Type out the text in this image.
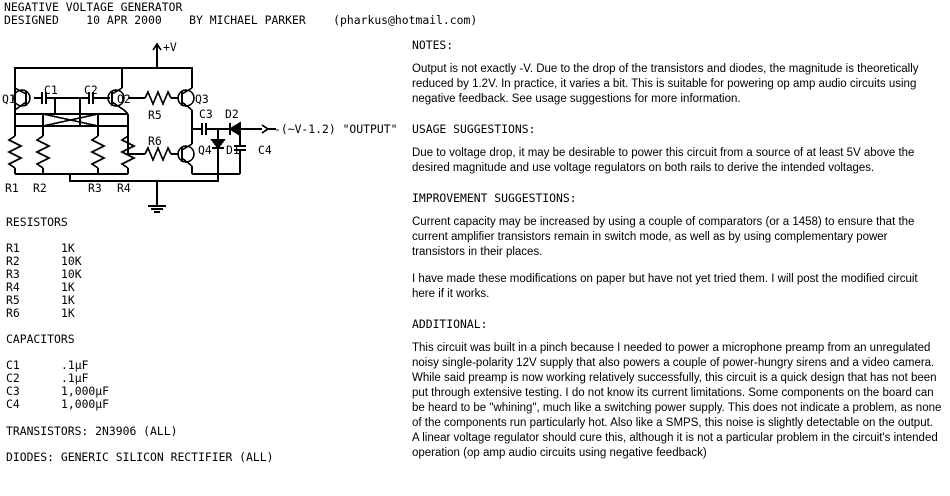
NEGATIVE VOLTAGE GENERATOR
DESIGNED    10 APR 2000    BY MICHAEL PARKER    (pharkus@hotmail.com)
+V
Q1
C1 C2
Q2
R5
Q3
C3 D2
-(~V-1.2) "OUTPUT"
D1 C4
R6
Q4
R1 R2	R3 R4
RESISTORS
R1	1K
R2	10K
R3	10K
R4	1K
R5	1K
R6	1K
CAPACITORS
C1	.1µF
C2	.1µF
C3	1,000µF
C4	1,000µF
TRANSISTORS: 2N3906 (ALL)
DIODES: GENERIC SILICON RECTIFIER (ALL)
NOTES:

Output is not exactly -V. Due to the drop of the transistors and diodes, the magnitude is theoretically reduced by 1.2V. In practice, it varies a bit. This is suitable for powering op amp audio circuits using negative feedback. See usage suggestions for more information.

USAGE SUGGESTIONS:

Due to voltage drop, it may be desirable to power this circuit from a source of at least 5V above the desired magnitude and use voltage regulators on both rails to derive the intended voltages.

IMPROVEMENT SUGGESTIONS:

Current capacity may be increased by using a couple of comparators (or a 1458) to ensure that the current amplifier transistors remain in switch mode, as well as by using complementary power transistors in their places.

I have made these modifications on paper but have not yet tried them. I will post the modified circuit here if it works.

ADDITIONAL:

This circuit was built in a pinch because I needed to power a microphone preamp from an unregulated noisy single-polarity 12V supply that also powers a couple of power-hungry sirens and a video camera. While said preamp is now working relatively successfully, this circuit is a quick design that has not been put through extensive testing. I do not know its current limitations. Some components on the board can be heard to be "whining", much like a switching power supply. This does not indicate a problem, as none of the components run particularly hot. Also like a SMPS, this noise is slightly detectable on the output. A linear voltage regulator should cure this, although it is not a particular problem in the circuit's intended operation (op amp audio circuits using negative feedback)
